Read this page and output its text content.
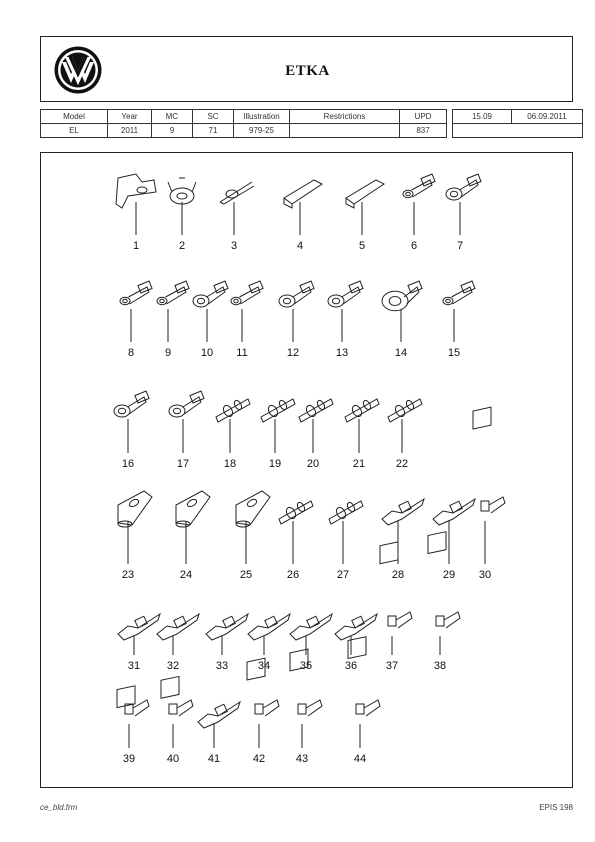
ETKA
Model	Year	MC	SC	Illustration	Restrictions	UPD		15.09	06.09.2011
EL	2011	9	71	979-25		837			
1	2	3	4	5	6	7
8	9	10 11	12	13	14	15
16	17	18	19 20	21	22
23	24	25	26	27	28	29 30
31 32	33	34	35	36	37	38
39	40	41	42	43	44
ce_bld.frm	EPIS 198
